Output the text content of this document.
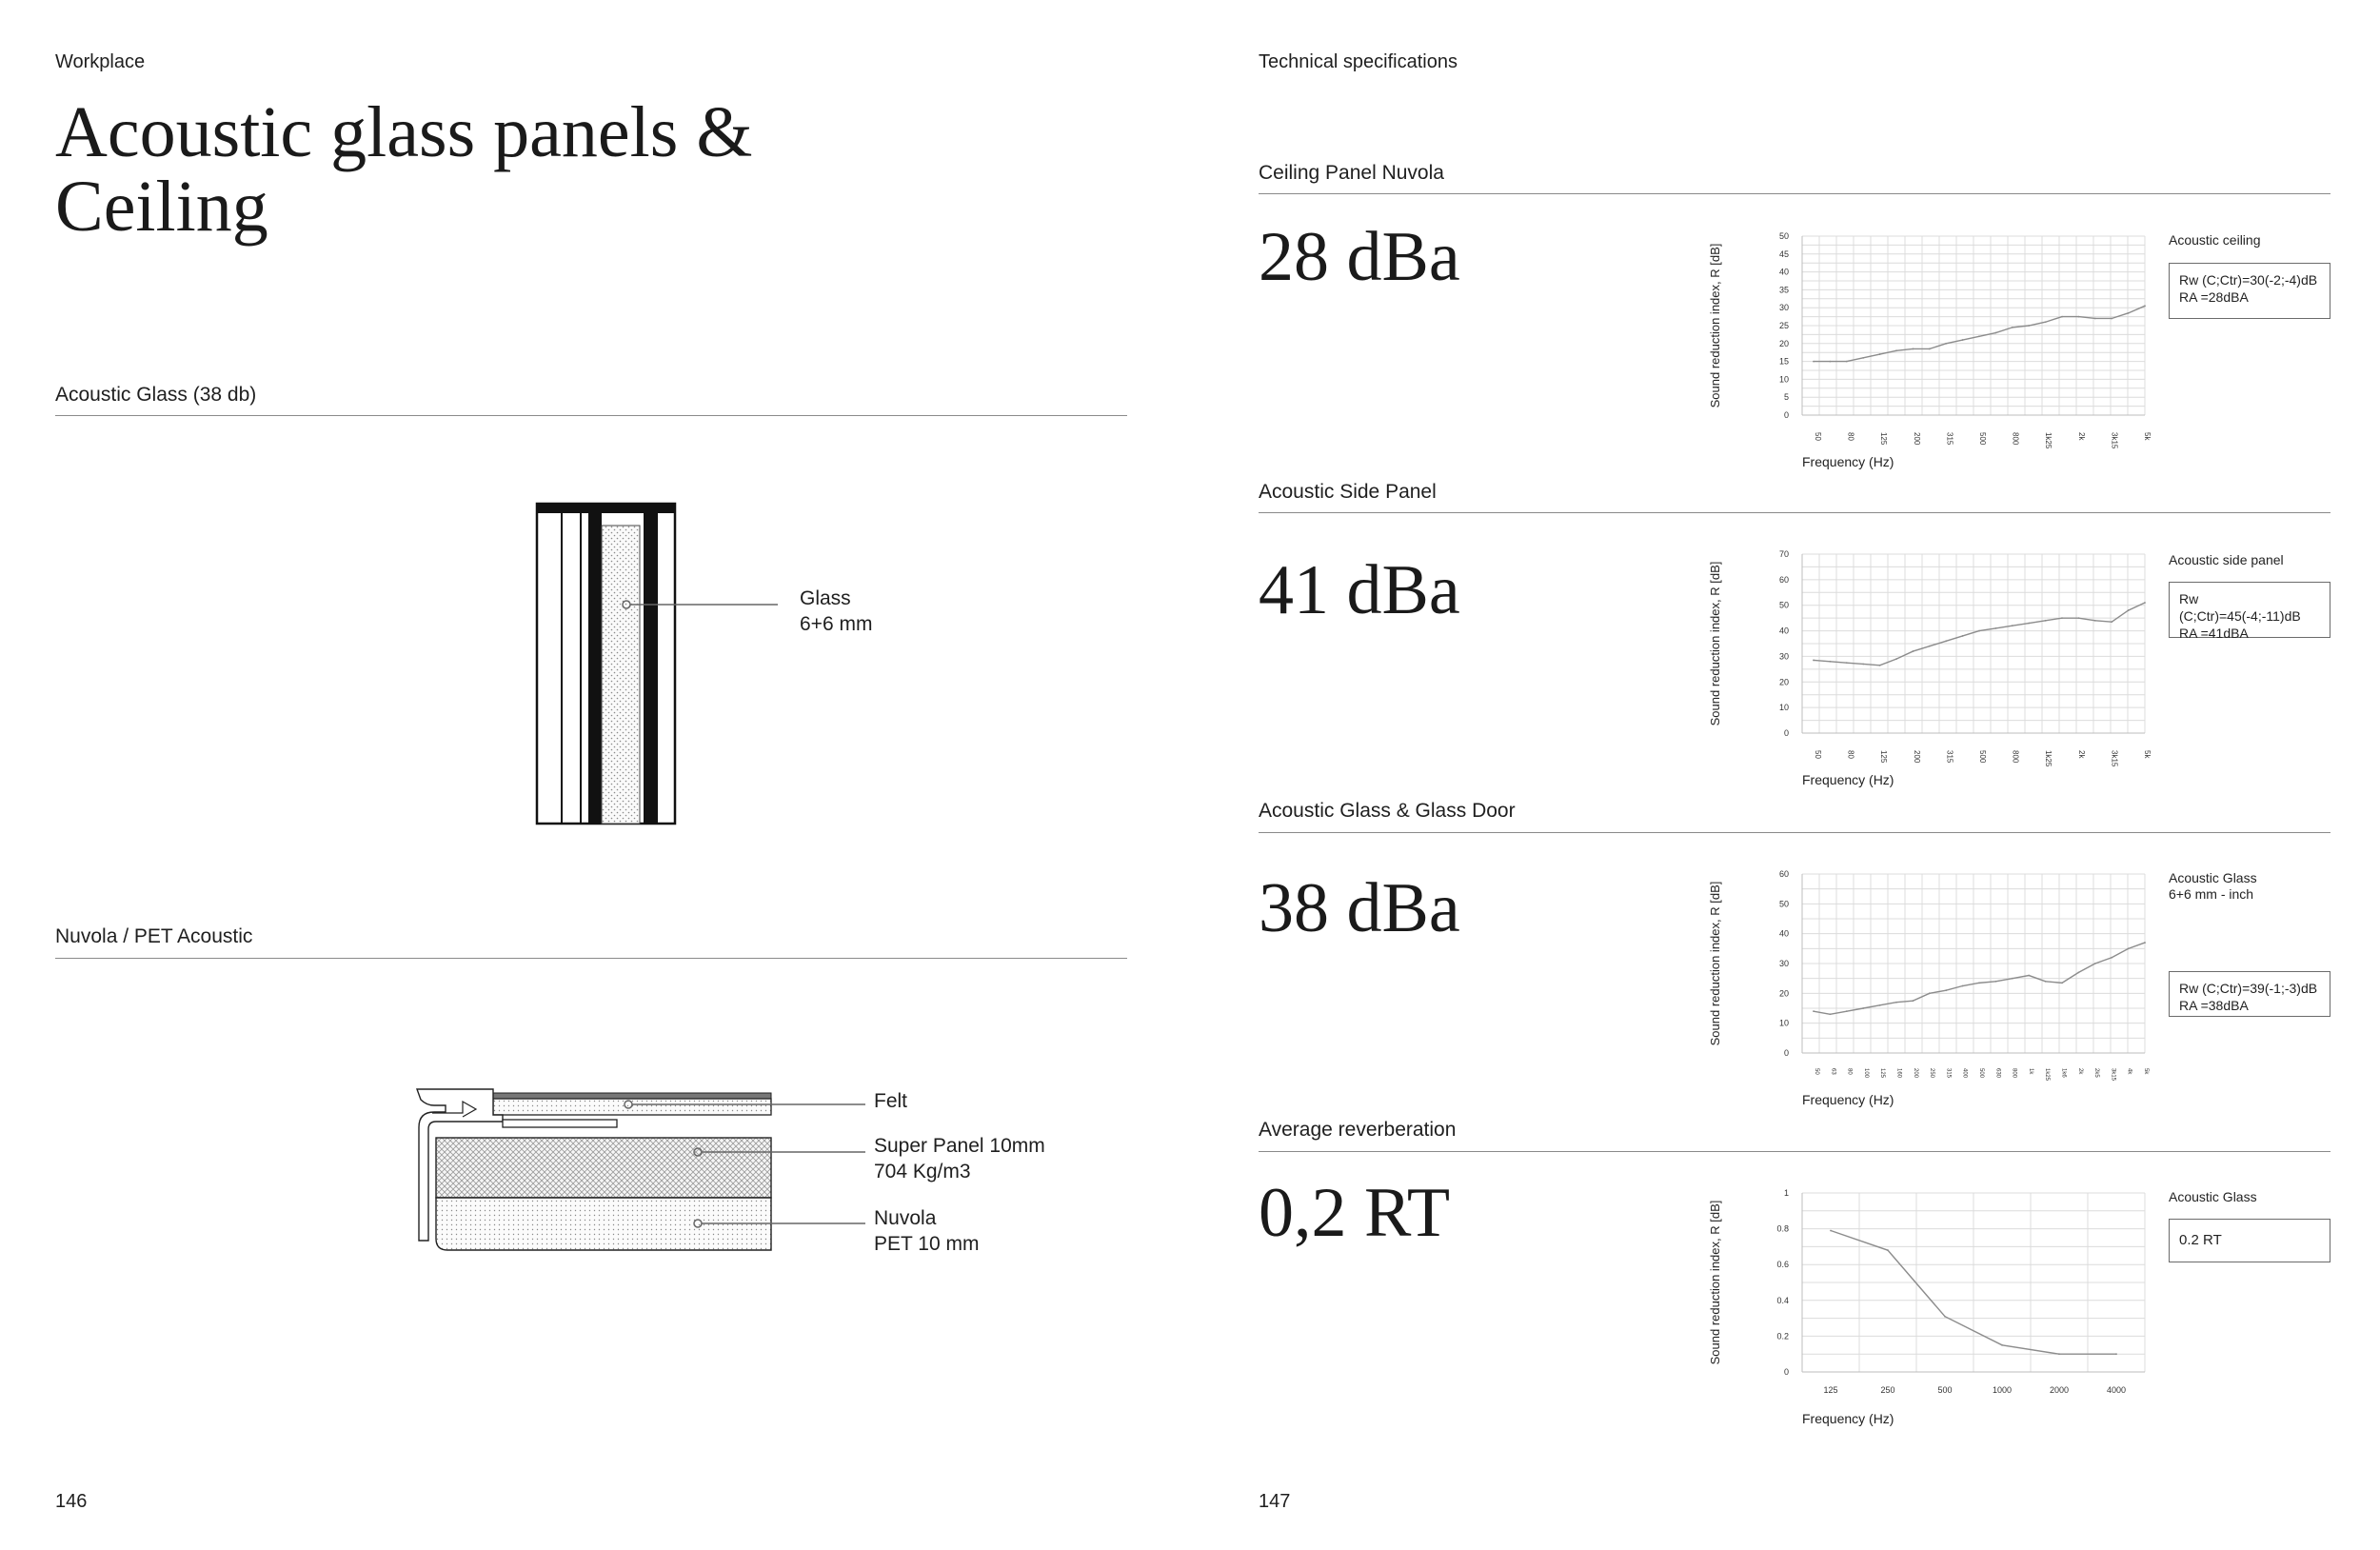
Workplace
Acoustic glass panels &
Ceiling
Acoustic Glass (38 db)
Glass
6+6 mm
Nuvola / PET Acoustic
Felt
Super Panel 10mm
704 Kg/m3
Nuvola
PET 10 mm
146
Technical specifications
Ceiling Panel Nuvola
28 dBa
0
5
10
15
20
25
30
35
40
45
50
50	80	125	200	315	500	800	1k25	2k	3k15	5k
Frequency (Hz)
Sound reduction index, R [dB]
Acoustic ceiling
Rw (C;Ctr)=30(-2;-4)dB
RA =28dBA
Acoustic Side Panel
41 dBa
0
10
20
30
40
50
60
70
50	80	125	200	315	500	800	1k25	2k	3k15	5k
Frequency (Hz)
Sound reduction index, R [dB]
Acoustic side panel
Rw (C;Ctr)=45(-4;-11)dB
RA =41dBA
Acoustic Glass & Glass Door
38 dBa
0
10
20
30
40
50
60
50 63 80 100 125 160 200 250 315 400 500 630 800 1k 1k25 1k6 2k 2k5 3k15 4k 5k
Frequency (Hz)
Sound reduction index, R [dB]
Acoustic Glass
6+6 mm - inch
Rw (C;Ctr)=39(-1;-3)dB
RA =38dBA
Average reverberation
0,2 RT
0
0.2
0.4
0.6
0.8
1
125	250	500	1000	2000	4000
Frequency (Hz)
Sound reduction index, R [dB]
Acoustic Glass
0.2 RT
147
